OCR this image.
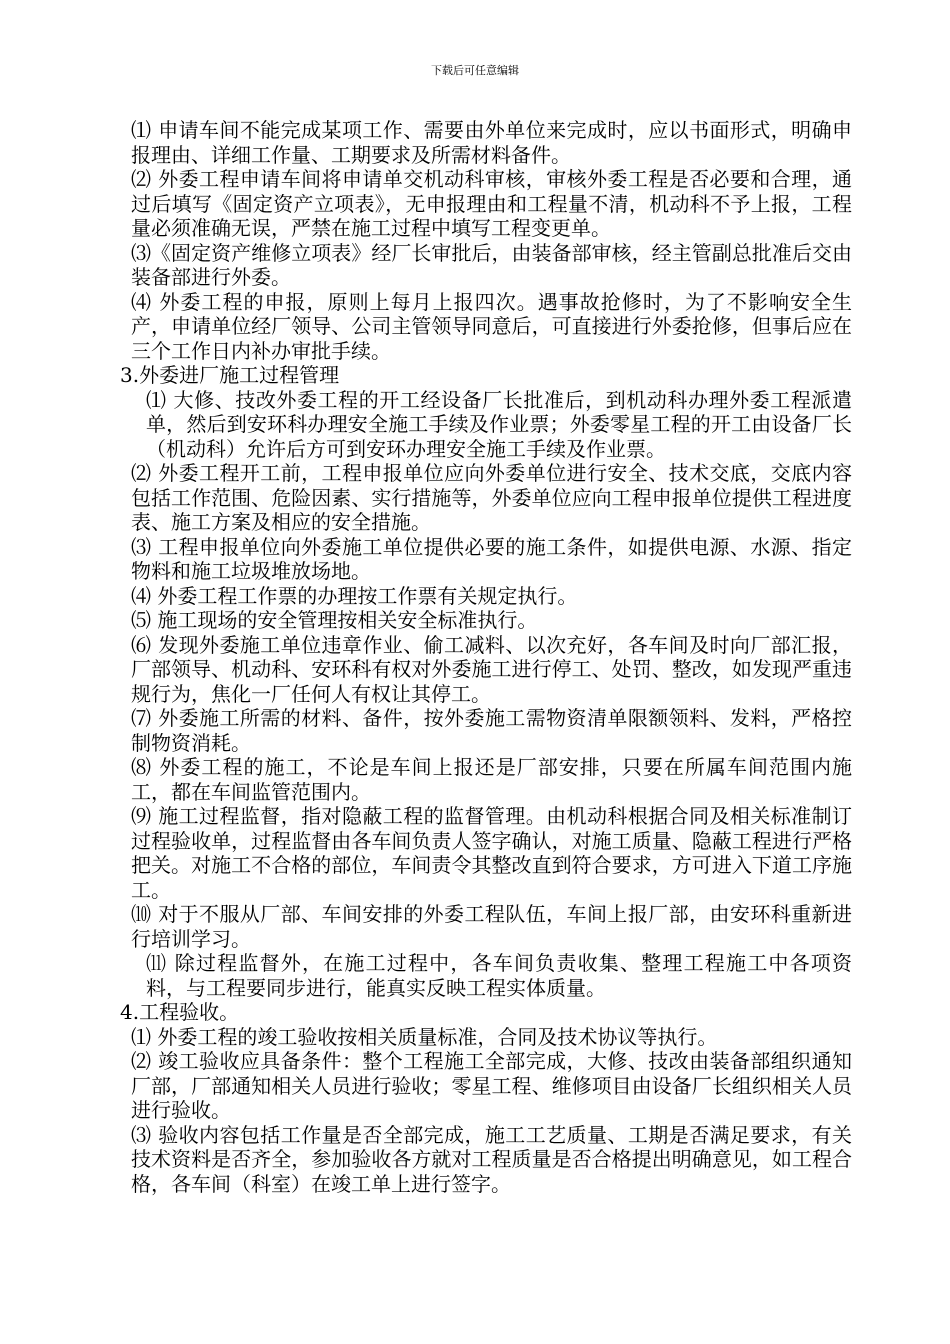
下载后可任意编辑

⑴ 申请车间不能完成某项工作、需要由外单位来完成时，应以书面形式，明确申报理由、详细工作量、工期要求及所需材料备件。

⑵ 外委工程申请车间将申请单交机动科审核，审核外委工程是否必要和合理，通过后填写《固定资产立项表》，无申报理由和工程量不清，机动科不予上报，工程量必须准确无误，严禁在施工过程中填写工程变更单。

⑶《固定资产维修立项表》经厂长审批后，由装备部审核，经主管副总批准后交由装备部进行外委。

⑷ 外委工程的申报，原则上每月上报四次。遇事故抢修时，为了不影响安全生产，申请单位经厂领导、公司主管领导同意后，可直接进行外委抢修，但事后应在三个工作日内补办审批手续。

3.外委进厂施工过程管理

⑴ 大修、技改外委工程的开工经设备厂长批准后，到机动科办理外委工程派遣单，然后到安环科办理安全施工手续及作业票；外委零星工程的开工由设备厂长（机动科）允许后方可到安环办理安全施工手续及作业票。

⑵ 外委工程开工前，工程申报单位应向外委单位进行安全、技术交底，交底内容包括工作范围、危险因素、实行措施等，外委单位应向工程申报单位提供工程进度表、施工方案及相应的安全措施。

⑶ 工程申报单位向外委施工单位提供必要的施工条件，如提供电源、水源、指定物料和施工垃圾堆放场地。

⑷ 外委工程工作票的办理按工作票有关规定执行。

⑸ 施工现场的安全管理按相关安全标准执行。

⑹ 发现外委施工单位违章作业、偷工减料、以次充好，各车间及时向厂部汇报，厂部领导、机动科、安环科有权对外委施工进行停工、处罚、整改，如发现严重违规行为，焦化一厂任何人有权让其停工。

⑺ 外委施工所需的材料、备件，按外委施工需物资清单限额领料、发料，严格控制物资消耗。

⑻ 外委工程的施工，不论是车间上报还是厂部安排，只要在所属车间范围内施工，都在车间监管范围内。

⑼ 施工过程监督，指对隐蔽工程的监督管理。由机动科根据合同及相关标准制订过程验收单，过程监督由各车间负责人签字确认，对施工质量、隐蔽工程进行严格把关。对施工不合格的部位，车间责令其整改直到符合要求，方可进入下道工序施工。

⑽ 对于不服从厂部、车间安排的外委工程队伍，车间上报厂部，由安环科重新进行培训学习。

⑾ 除过程监督外，在施工过程中，各车间负责收集、整理工程施工中各项资料，与工程要同步进行，能真实反映工程实体质量。

4.工程验收。

⑴ 外委工程的竣工验收按相关质量标准，合同及技术协议等执行。

⑵ 竣工验收应具备条件：整个工程施工全部完成，大修、技改由装备部组织通知厂部，厂部通知相关人员进行验收；零星工程、维修项目由设备厂长组织相关人员进行验收。

⑶ 验收内容包括工作量是否全部完成，施工工艺质量、工期是否满足要求，有关技术资料是否齐全，参加验收各方就对工程质量是否合格提出明确意见，如工程合格，各车间（科室）在竣工单上进行签字。
